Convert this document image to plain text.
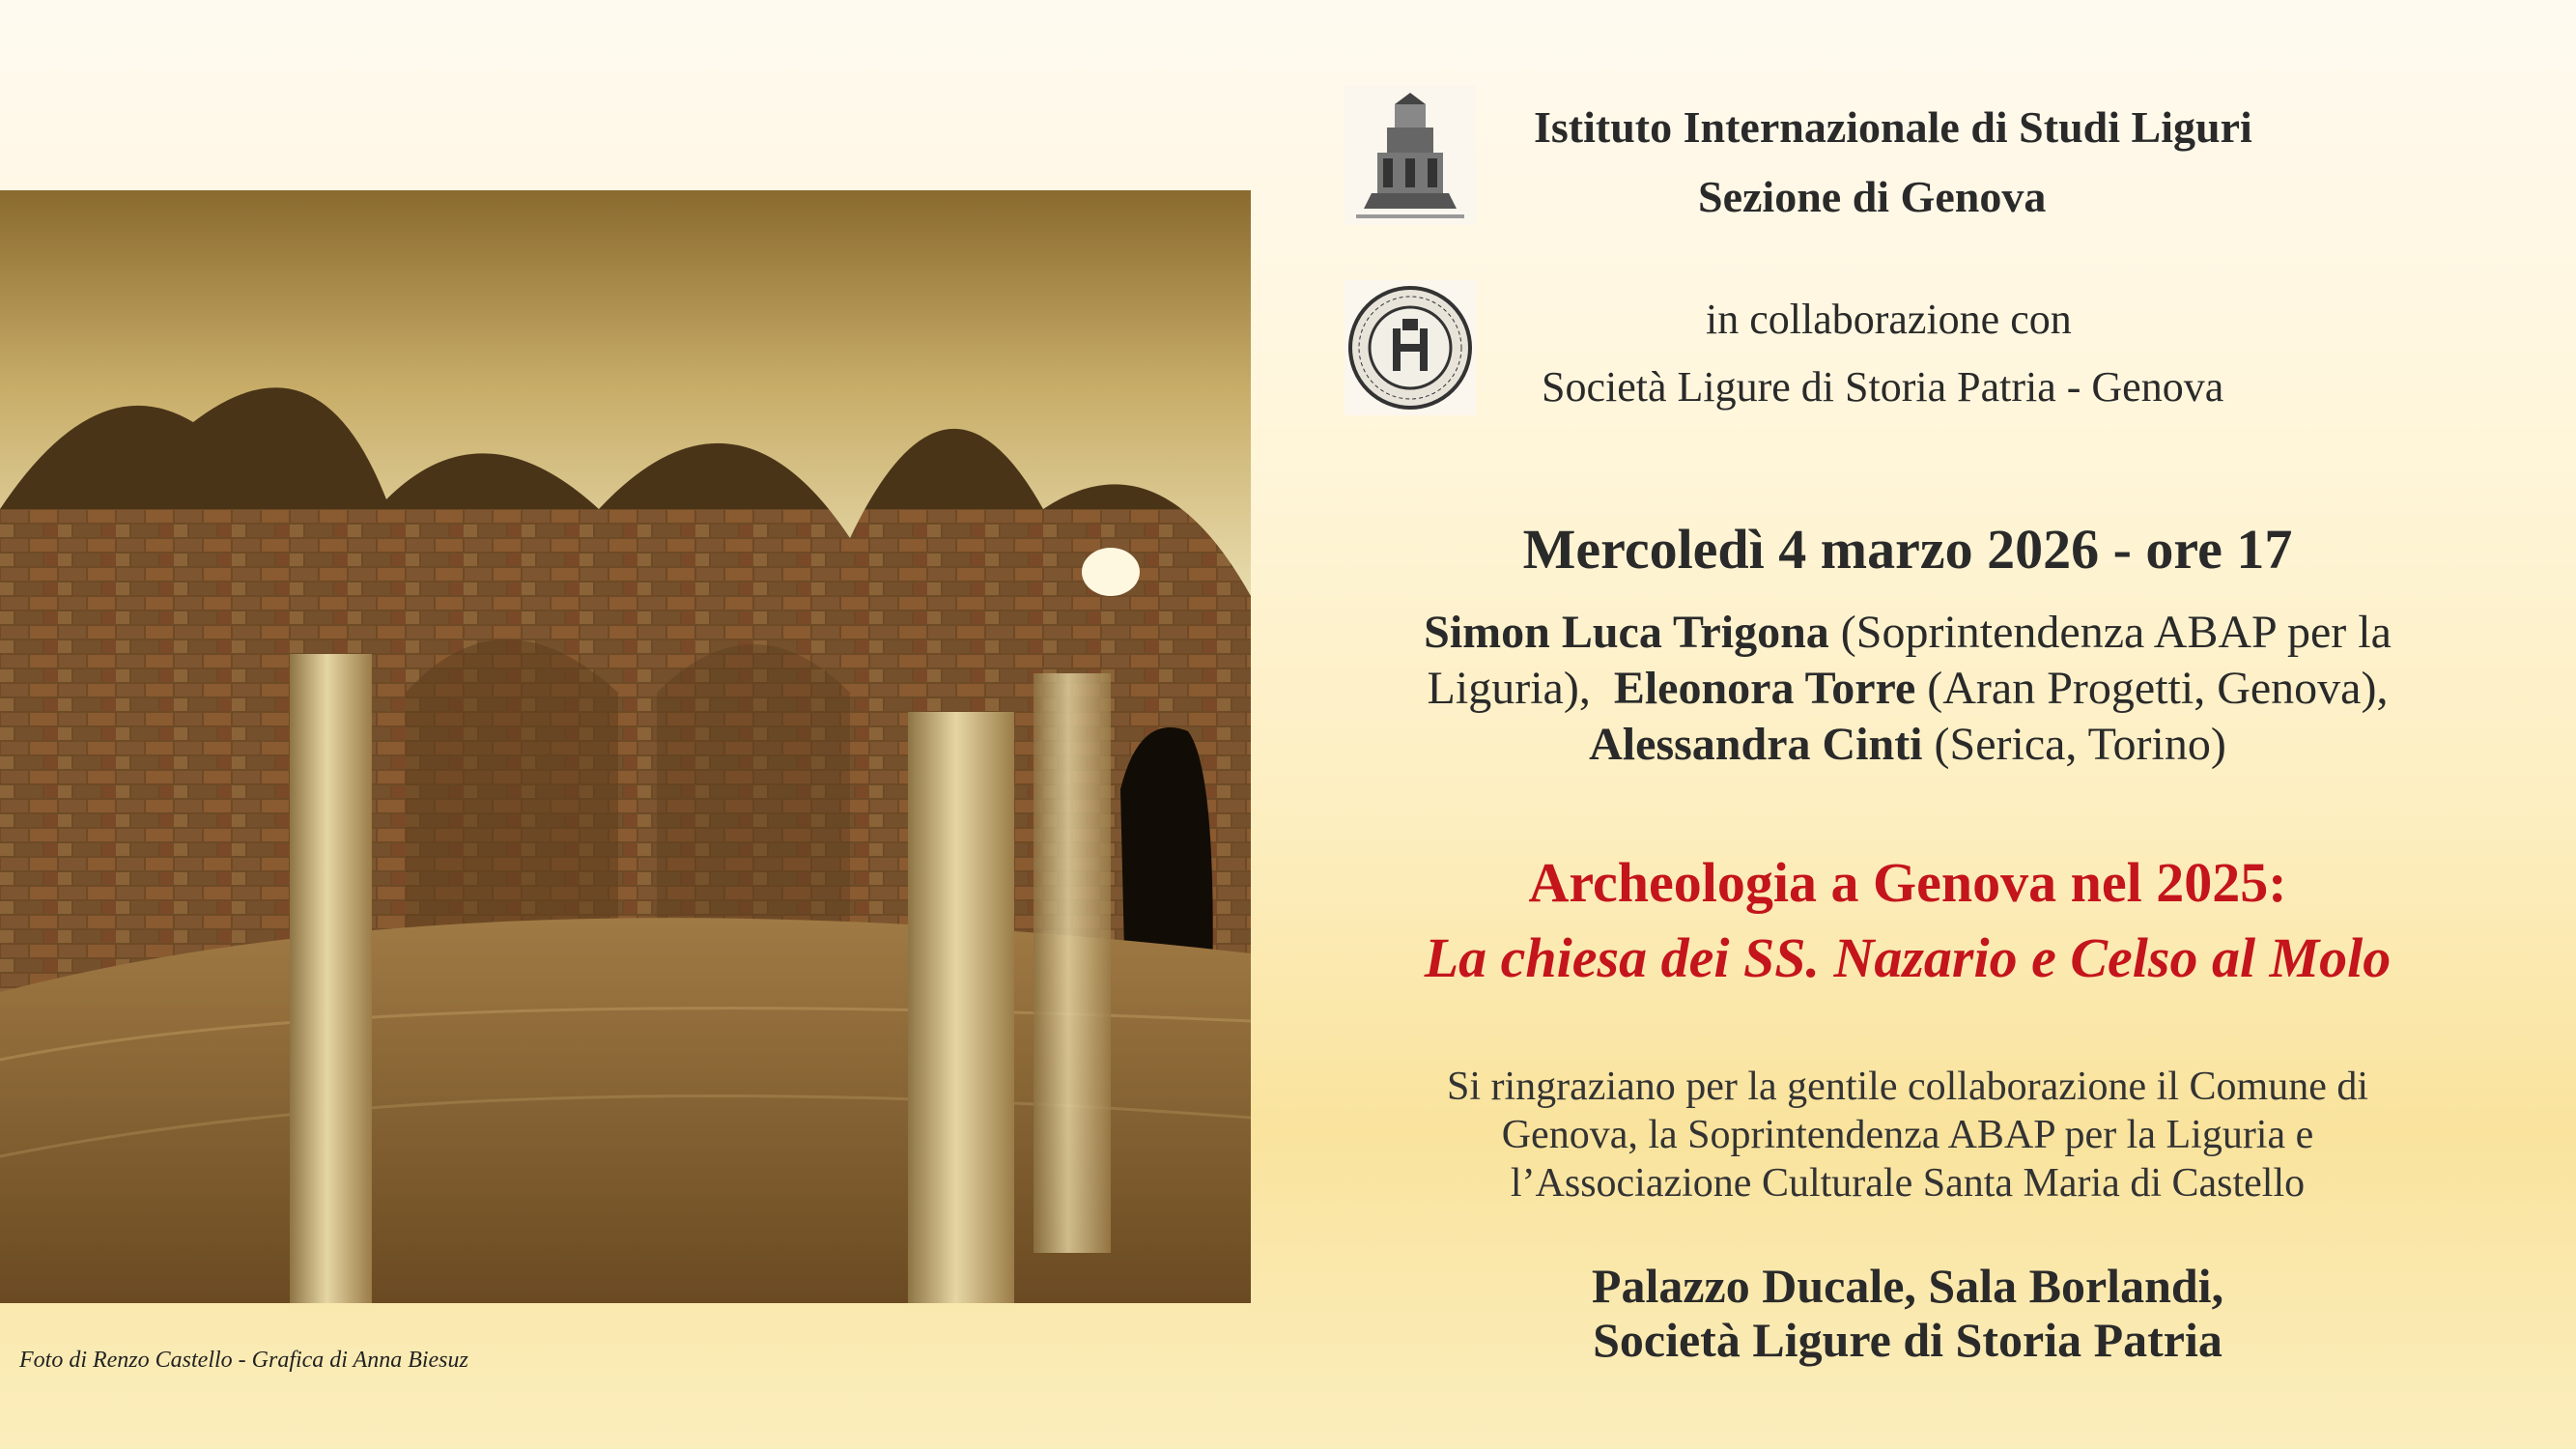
Foto di Renzo Castello - Grafica di Anna Biesuz
Istituto Internazionale di Studi Liguri
Sezione di Genova
in collaborazione con
Società Ligure di Storia Patria - Genova
Mercoledì 4 marzo 2026 - ore 17
Simon Luca Trigona (Soprintendenza ABAP per la
Liguria),  Eleonora Torre (Aran Progetti, Genova),
Alessandra Cinti (Serica, Torino)
Archeologia a Genova nel 2025:
La chiesa dei SS. Nazario e Celso al Molo
Si ringraziano per la gentile collaborazione il Comune di
Genova, la Soprintendenza ABAP per la Liguria e
l’Associazione Culturale Santa Maria di Castello
Palazzo Ducale, Sala Borlandi,
Società Ligure di Storia Patria
